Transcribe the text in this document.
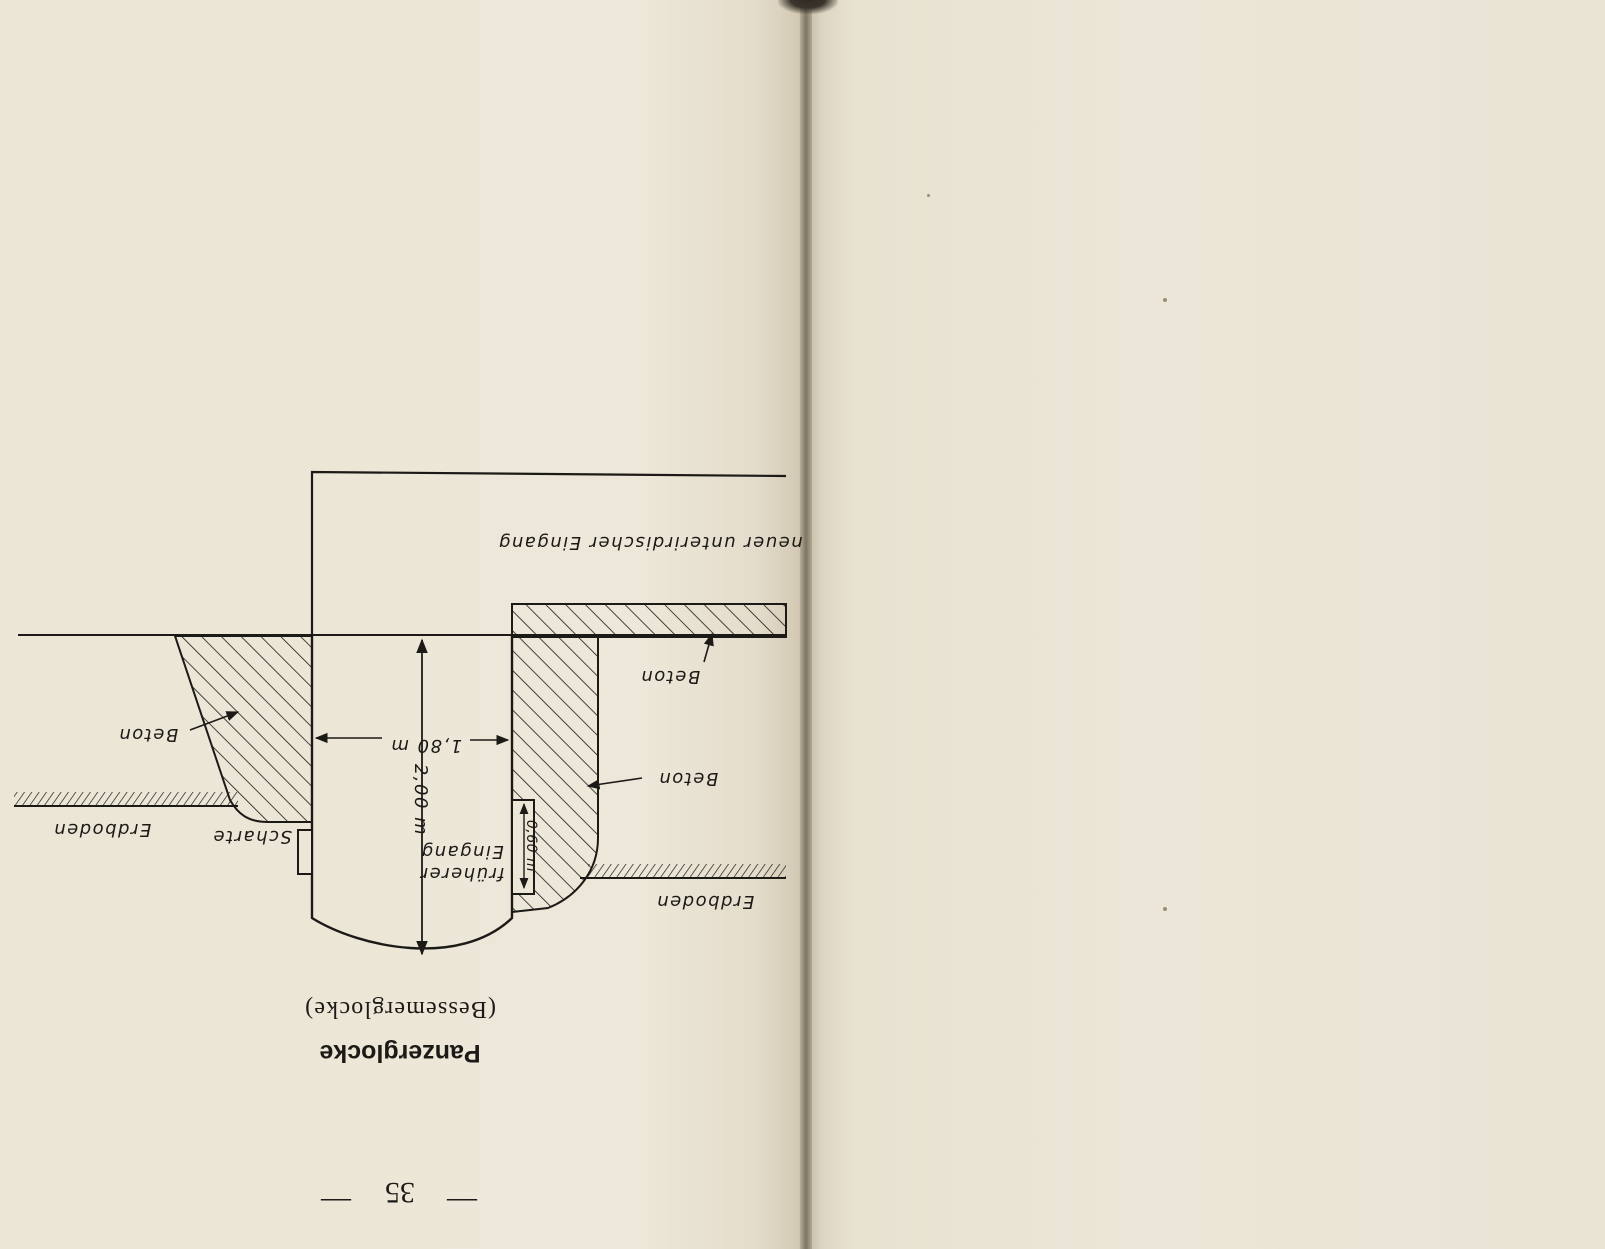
neuer unterirdischer Eingang
Beton
Beton
Beton
Erdboden
Erdboden
Scharte
früherer
Eingang
1,80 m
2,00 m
0,60 m
(Bessemerglocke)
Panzerglocke
35
—	—
